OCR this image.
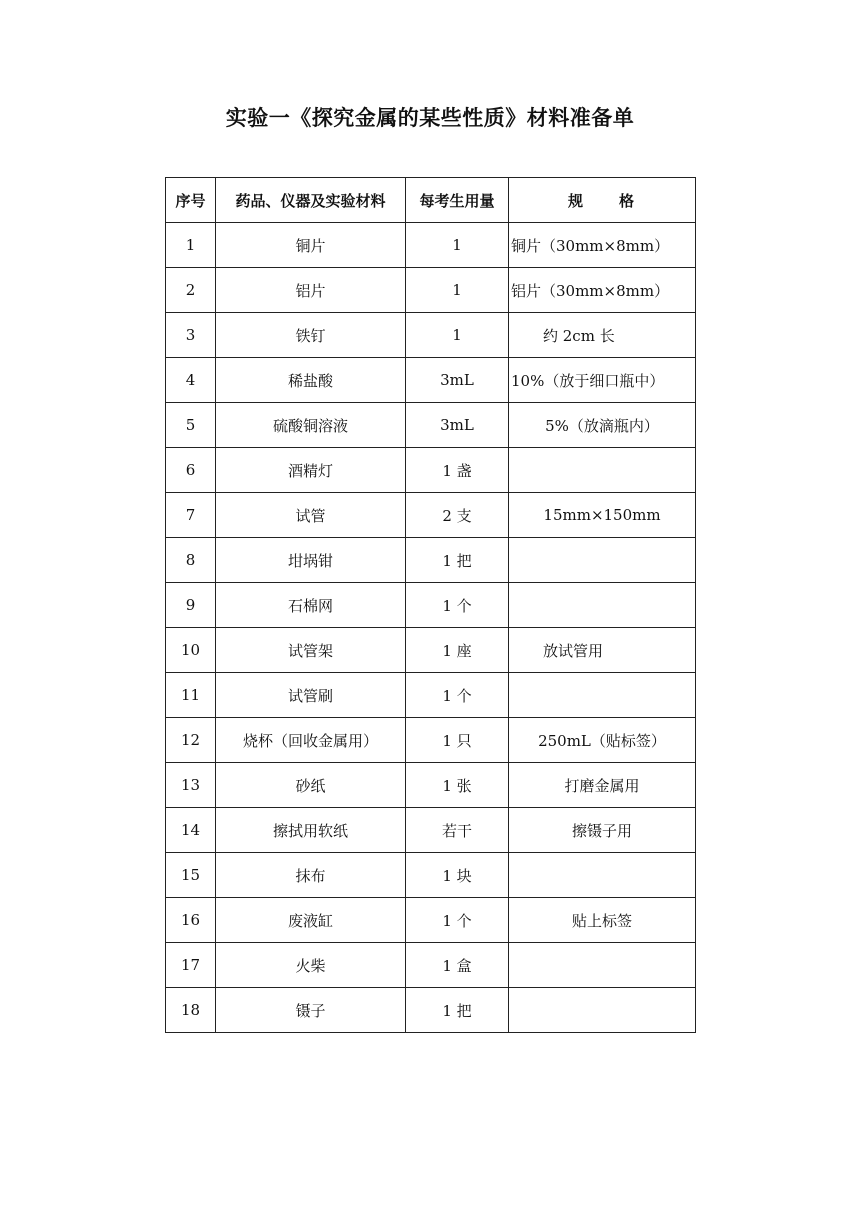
实验一《探究金属的某些性质》材料准备单
序号	药品、仪器及实验材料	每考生用量	规　　格
1	铜片	1	铜片（30mm×8mm）
2	铝片	1	铝片（30mm×8mm）
3	铁钉	1	约 2cm 长
4	稀盐酸	3mL	10%（放于细口瓶中）
5	硫酸铜溶液	3mL	5%（放滴瓶内）
6	酒精灯	1 盏	
7	试管	2 支	15mm×150mm
8	坩埚钳	1 把	
9	石棉网	1 个	
10	试管架	1 座	放试管用
11	试管刷	1 个	
12	烧杯（回收金属用）	1 只	250mL（贴标签）
13	砂纸	1 张	打磨金属用
14	擦拭用软纸	若干	擦镊子用
15	抹布	1 块	
16	废液缸	1 个	贴上标签
17	火柴	1 盒	
18	镊子	1 把	
